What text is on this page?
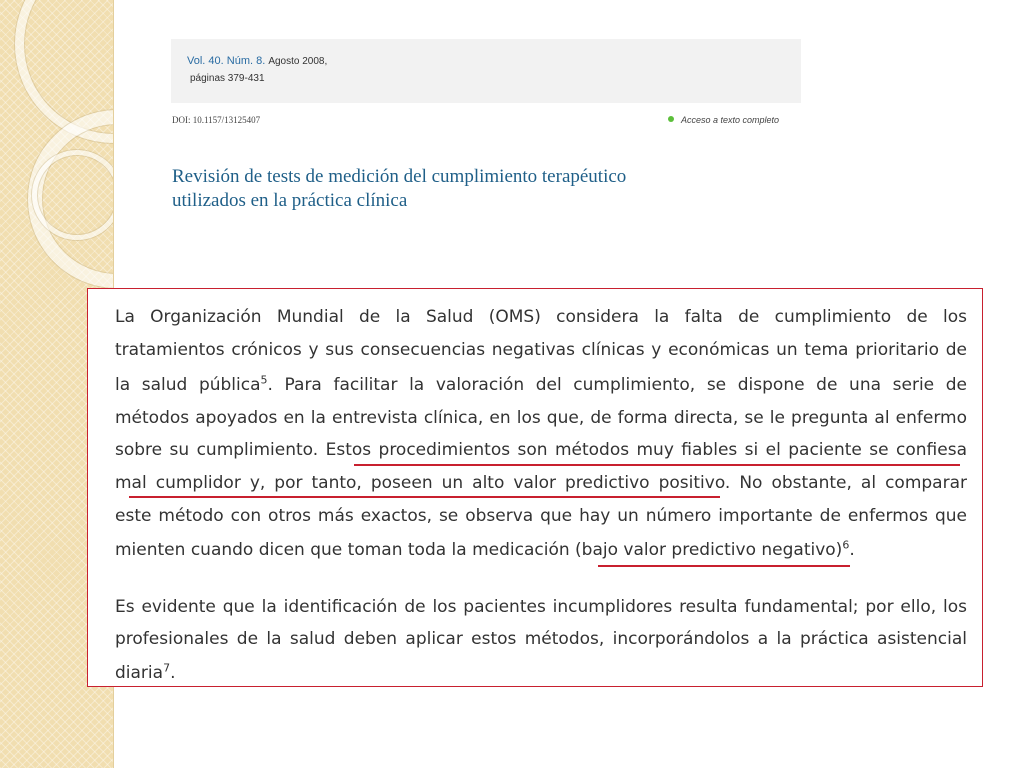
Vol. 40. Núm. 8. Agosto 2008,
páginas 379-431
DOI: 10.1157/13125407	Acceso a texto completo
Revisión de tests de medición del cumplimiento terapéutico
utilizados en la práctica clínica
La Organización Mundial de la Salud (OMS) considera la falta de cumplimiento de los
tratamientos crónicos y sus consecuencias negativas clínicas y económicas un tema prioritario de
la salud pública$^5$. Para facilitar la valoración del cumplimiento, se dispone de una serie de
métodos apoyados en la entrevista clínica, en los que, de forma directa, se le pregunta al enfermo
sobre su cumplimiento. Estos procedimientos son métodos muy fiables si el paciente se confiesa
mal cumplidor y, por tanto, poseen un alto valor predictivo positivo. No obstante, al comparar
este método con otros más exactos, se observa que hay un número importante de enfermos que
mienten cuando dicen que toman toda la medicación (bajo valor predictivo negativo)$^6$.
Es evidente que la identificación de los pacientes incumplidores resulta fundamental; por ello, los
profesionales de la salud deben aplicar estos métodos, incorporándolos a la práctica asistencial
diaria$^7$.
